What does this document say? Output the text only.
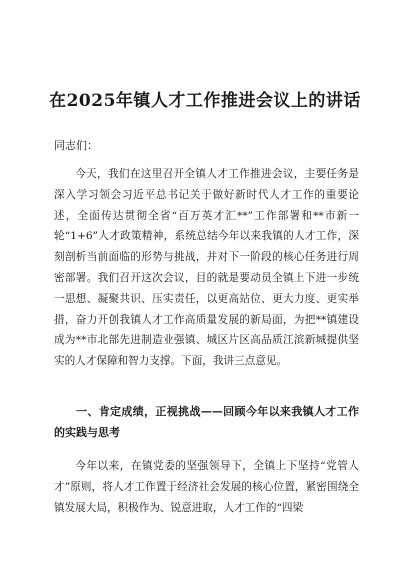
在2025年镇人才工作推进会议上的讲话
同志们：
今天，我们在这里召开全镇人才工作推进会议，主要任务是深入学习领会习近平总书记关于做好新时代人才工作的重要论述，全面传达贯彻全省“百万英才汇**”工作部署和**市新一轮“1+6”人才政策精神，系统总结今年以来我镇的人才工作，深刻剖析当前面临的形势与挑战，并对下一阶段的核心任务进行周密部署。我们召开这次会议，目的就是要动员全镇上下进一步统一思想、凝聚共识、压实责任，以更高站位、更大力度、更实举措，奋力开创我镇人才工作高质量发展的新局面，为把**镇建设成为**市北部先进制造业强镇、城区片区高品质江滨新城提供坚实的人才保障和智力支撑。下面，我讲三点意见。
一、肯定成绩，正视挑战——回顾今年以来我镇人才工作的实践与思考
今年以来，在镇党委的坚强领导下，全镇上下坚持“党管人才”原则，将人才工作置于经济社会发展的核心位置，紧密围绕全镇发展大局，积极作为、锐意进取，人才工作的“四梁
